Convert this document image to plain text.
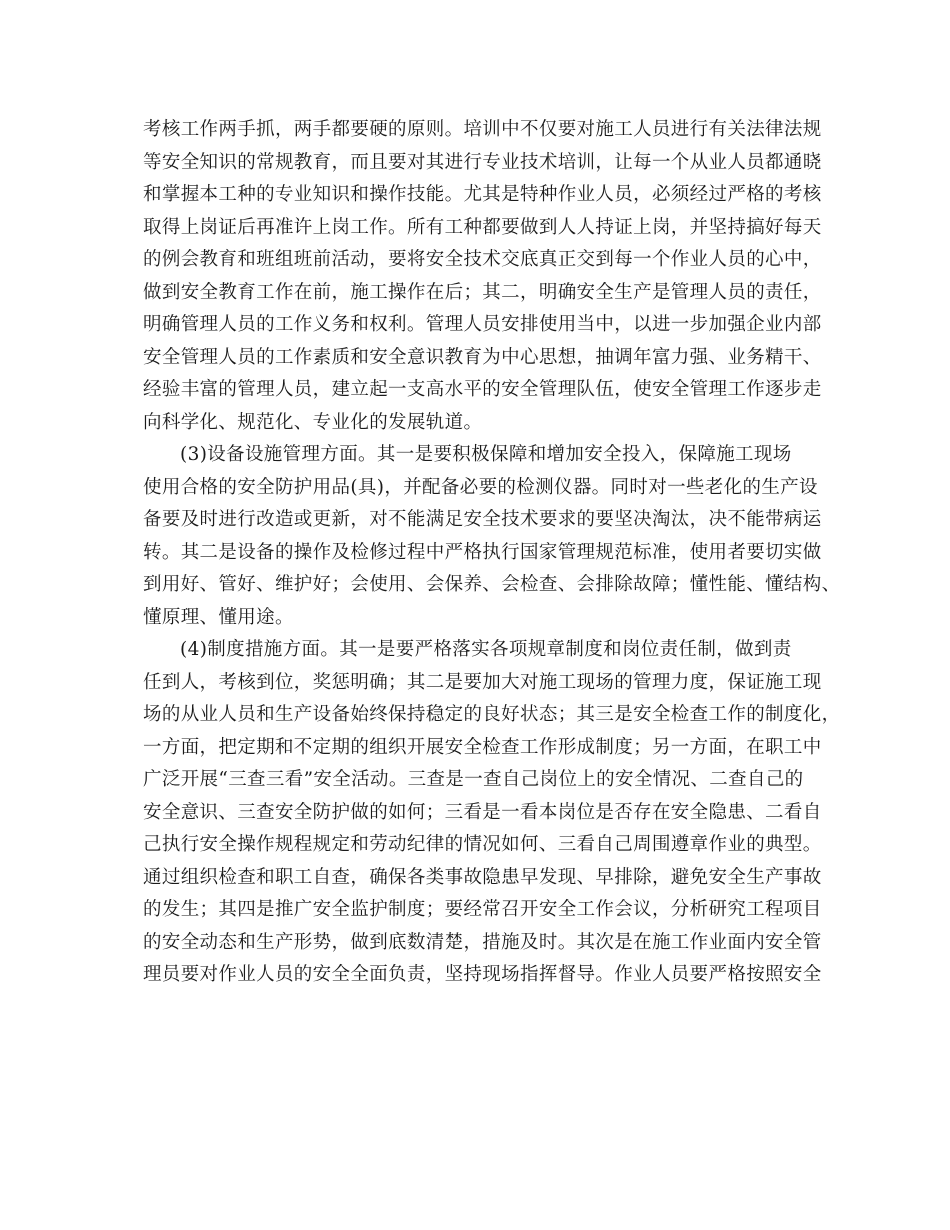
考核工作两手抓，两手都要硬的原则。培训中不仅要对施工人员进行有关法律法规
等安全知识的常规教育，而且要对其进行专业技术培训，让每一个从业人员都通晓
和掌握本工种的专业知识和操作技能。尤其是特种作业人员，必须经过严格的考核
取得上岗证后再准许上岗工作。所有工种都要做到人人持证上岗，并坚持搞好每天
的例会教育和班组班前活动，要将安全技术交底真正交到每一个作业人员的心中，
做到安全教育工作在前，施工操作在后；其二，明确安全生产是管理人员的责任，
明确管理人员的工作义务和权利。管理人员安排使用当中，以进一步加强企业内部
安全管理人员的工作素质和安全意识教育为中心思想，抽调年富力强、业务精干、
经验丰富的管理人员，建立起一支高水平的安全管理队伍，使安全管理工作逐步走
向科学化、规范化、专业化的发展轨道。
(3)设备设施管理方面。其一是要积极保障和增加安全投入，保障施工现场
使用合格的安全防护用品(具)，并配备必要的检测仪器。同时对一些老化的生产设
备要及时进行改造或更新，对不能满足安全技术要求的要坚决淘汰，决不能带病运
转。其二是设备的操作及检修过程中严格执行国家管理规范标准，使用者要切实做
到用好、管好、维护好；会使用、会保养、会检查、会排除故障；懂性能、懂结构、
懂原理、懂用途。
(4)制度措施方面。其一是要严格落实各项规章制度和岗位责任制，做到责
任到人，考核到位，奖惩明确；其二是要加大对施工现场的管理力度，保证施工现
场的从业人员和生产设备始终保持稳定的良好状态；其三是安全检查工作的制度化，
一方面，把定期和不定期的组织开展安全检查工作形成制度；另一方面，在职工中
广泛开展“三查三看”安全活动。三查是一查自己岗位上的安全情况、二查自己的
安全意识、三查安全防护做的如何；三看是一看本岗位是否存在安全隐患、二看自
己执行安全操作规程规定和劳动纪律的情况如何、三看自己周围遵章作业的典型。
通过组织检查和职工自查，确保各类事故隐患早发现、早排除，避免安全生产事故
的发生；其四是推广安全监护制度；要经常召开安全工作会议，分析研究工程项目
的安全动态和生产形势，做到底数清楚，措施及时。其次是在施工作业面内安全管
理员要对作业人员的安全全面负责，坚持现场指挥督导。作业人员要严格按照安全
